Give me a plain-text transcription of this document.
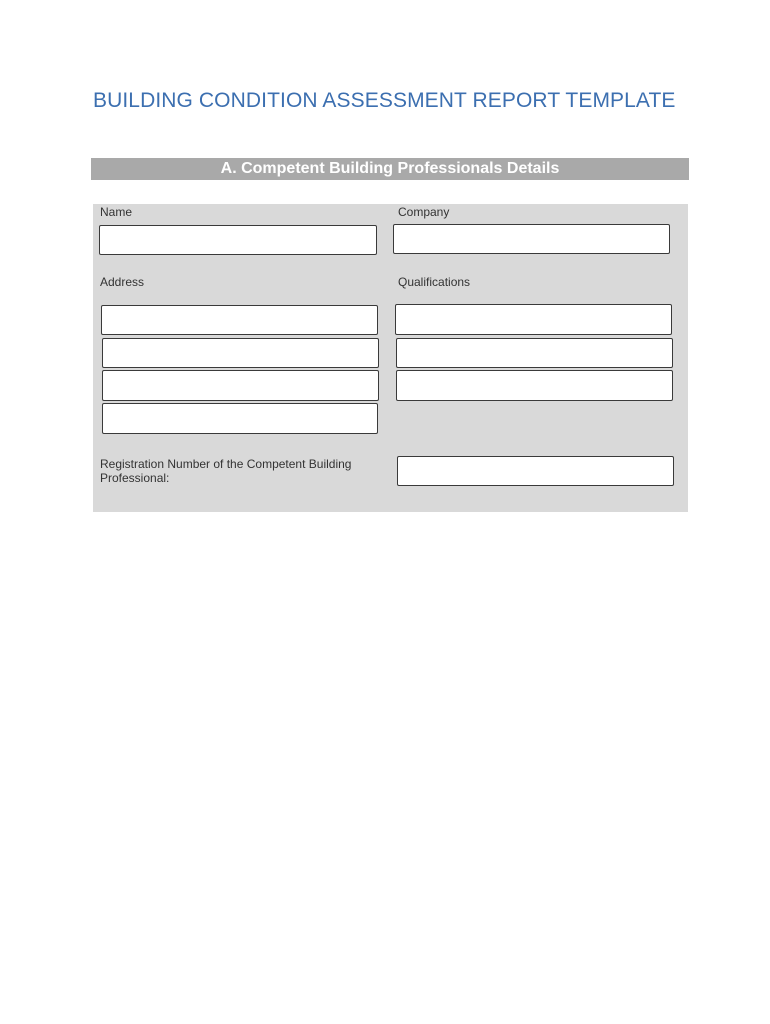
BUILDING CONDITION ASSESSMENT REPORT TEMPLATE
A. Competent Building Professionals Details
Name	Company
Address	Qualifications
Registration Number of the Competent Building Professional:
